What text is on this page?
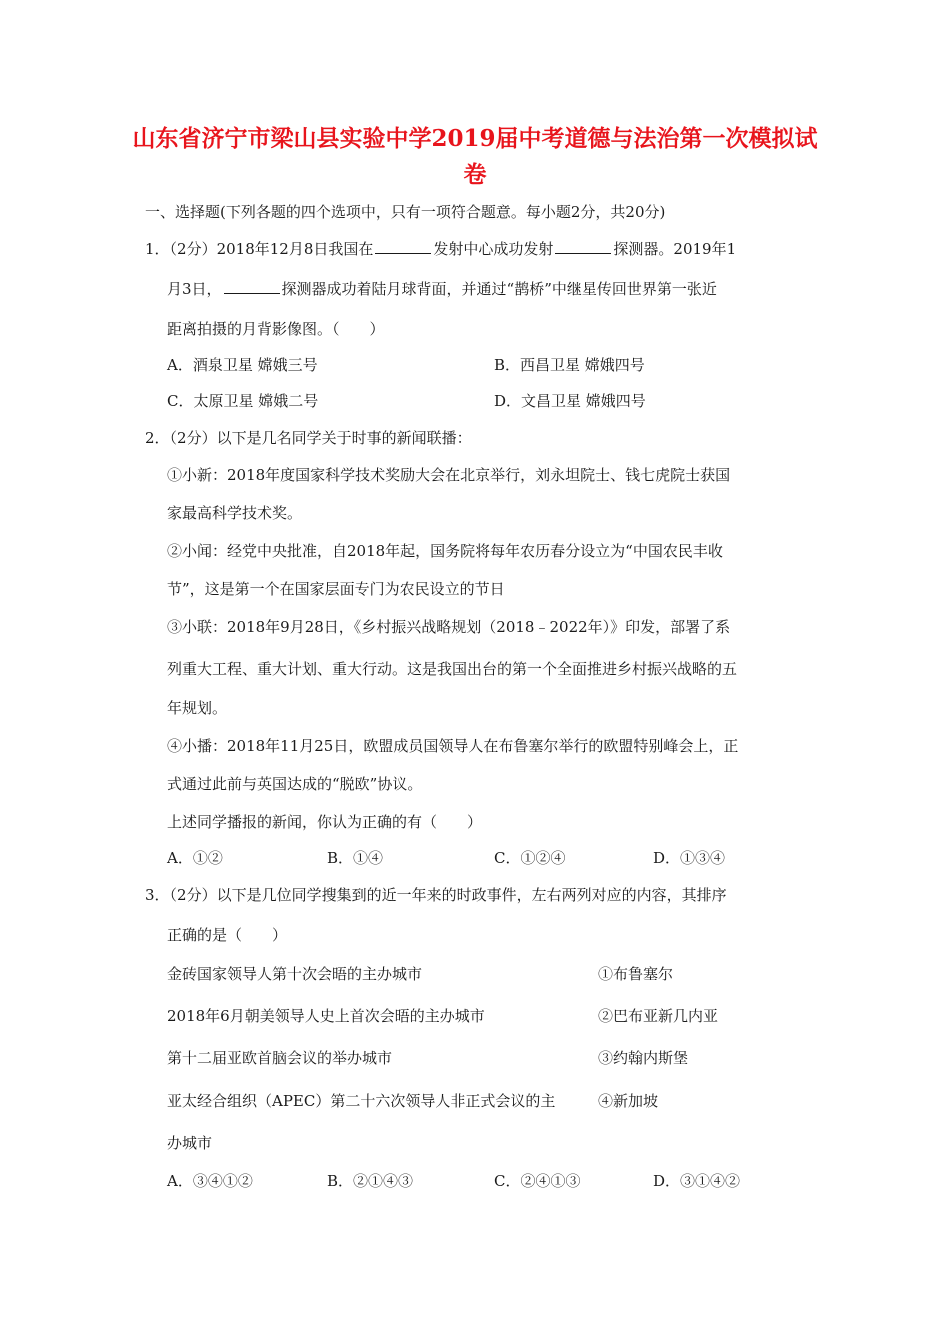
山东省济宁市梁山县实验中学2019届中考道德与法治第一次模拟试
卷
一、选择题(下列各题的四个选项中，只有一项符合题意。每小题2分，共20分)
1．（2分）2018年12月8日我国在	发射中心成功发射	探测器。2019年1
月3日，	探测器成功着陆月球背面，并通过“鹊桥”中继星传回世界第一张近
距离拍摄的月背影像图。（　　）
A．酒泉卫星 嫦娥三号	B．西昌卫星 嫦娥四号
C．太原卫星 嫦娥二号	D．文昌卫星 嫦娥四号
2．（2分）以下是几名同学关于时事的新闻联播：
①小新：2018年度国家科学技术奖励大会在北京举行，刘永坦院士、钱七虎院士获国
家最高科学技术奖。
②小闻：经党中央批准，自2018年起，国务院将每年农历春分设立为“中国农民丰收
节”，这是第一个在国家层面专门为农民设立的节日
③小联：2018年9月28日，《乡村振兴战略规划（2018﹣2022年）》印发，部署了系
列重大工程、重大计划、重大行动。这是我国出台的第一个全面推进乡村振兴战略的五
年规划。
④小播：2018年11月25日，欧盟成员国领导人在布鲁塞尔举行的欧盟特别峰会上，正
式通过此前与英国达成的“脱欧”协议。
上述同学播报的新闻，你认为正确的有（　　）
A．①②	B．①④	C．①②④	D．①③④
3．（2分）以下是几位同学搜集到的近一年来的时政事件，左右两列对应的内容，其排序
正确的是（　　）
金砖国家领导人第十次会晤的主办城市	①布鲁塞尔
2018年6月朝美领导人史上首次会晤的主办城市	②巴布亚新几内亚
第十二届亚欧首脑会议的举办城市	③约翰内斯堡
亚太经合组织（APEC）第二十六次领导人非正式会议的主	④新加坡
办城市
A．③④①②	B．②①④③	C．②④①③	D．③①④②
